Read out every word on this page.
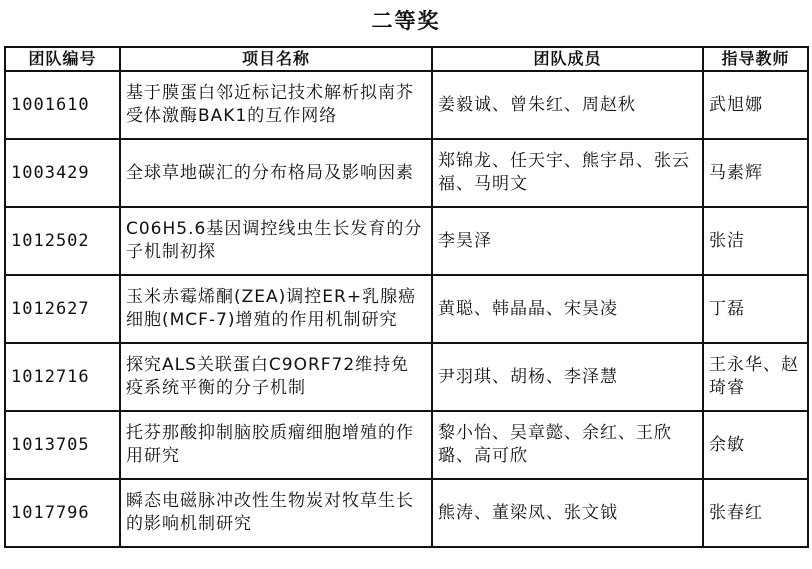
二等奖
团队编号	项目名称	团队成员	指导教师
1001610	基于膜蛋白邻近标记技术解析拟南芥受体激酶BAK1的互作网络	姜毅诚、曾朱红、周赵秋	武旭娜
1003429	全球草地碳汇的分布格局及影响因素	郑锦龙、任天宇、熊宇昂、张云福、马明文	马素辉
1012502	C06H5.6基因调控线虫生长发育的分子机制初探	李昊泽	张洁
1012627	玉米赤霉烯酮(ZEA)调控ER+乳腺癌细胞(MCF-7)增殖的作用机制研究	黄聪、韩晶晶、宋昊凌	丁磊
1012716	探究ALS关联蛋白C9ORF72维持免疫系统平衡的分子机制	尹羽琪、胡杨、李泽慧	王永华、赵琦睿
1013705	托芬那酸抑制脑胶质瘤细胞增殖的作用研究	黎小怡、吴章懿、余红、王欣璐、高可欣	余敏
1017796	瞬态电磁脉冲改性生物炭对牧草生长的影响机制研究	熊涛、董梁凤、张文钺	张春红
